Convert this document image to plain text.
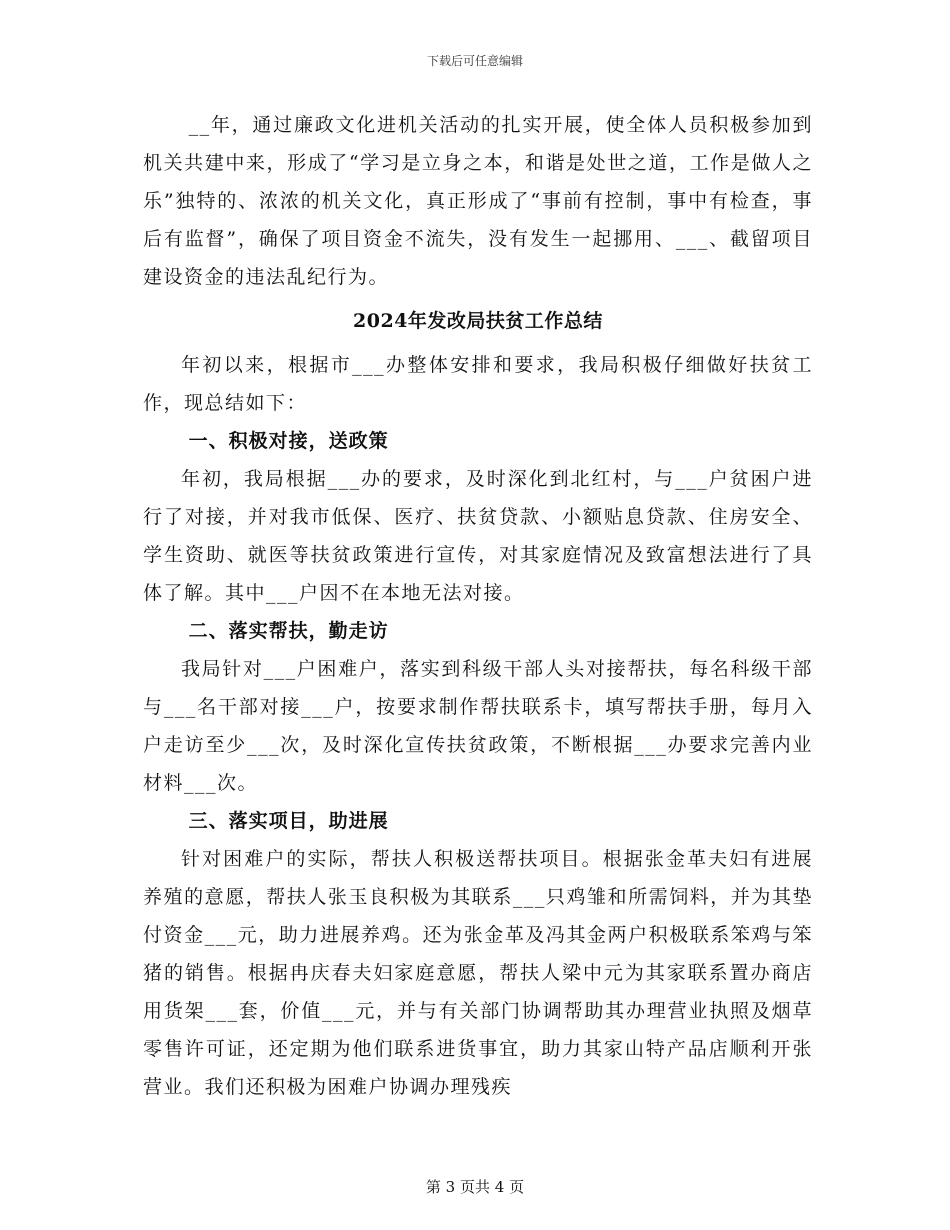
下载后可任意编辑

__年，通过廉政文化进机关活动的扎实开展，使全体人员积极参加到机关共建中来，形成了“学习是立身之本，和谐是处世之道，工作是做人之乐”独特的、浓浓的机关文化，真正形成了“事前有控制，事中有检查，事后有监督”，确保了项目资金不流失，没有发生一起挪用、___、截留项目建设资金的违法乱纪行为。

2024年发改局扶贫工作总结

年初以来，根据市___办整体安排和要求，我局积极仔细做好扶贫工作，现总结如下：

一、积极对接，送政策

年初，我局根据___办的要求，及时深化到北红村，与___户贫困户进行了对接，并对我市低保、医疗、扶贫贷款、小额贴息贷款、住房安全、学生资助、就医等扶贫政策进行宣传，对其家庭情况及致富想法进行了具体了解。其中___户因不在本地无法对接。

二、落实帮扶，勤走访

我局针对___户困难户，落实到科级干部人头对接帮扶，每名科级干部与___名干部对接___户，按要求制作帮扶联系卡，填写帮扶手册，每月入户走访至少___次，及时深化宣传扶贫政策，不断根据___办要求完善内业材料___次。

三、落实项目，助进展

针对困难户的实际，帮扶人积极送帮扶项目。根据张金革夫妇有进展养殖的意愿，帮扶人张玉良积极为其联系___只鸡雏和所需饲料，并为其垫付资金___元，助力进展养鸡。还为张金革及冯其金两户积极联系笨鸡与笨猪的销售。根据冉庆春夫妇家庭意愿，帮扶人梁中元为其家联系置办商店用货架___套，价值___元，并与有关部门协调帮助其办理营业执照及烟草零售许可证，还定期为他们联系进货事宜，助力其家山特产品店顺利开张营业。我们还积极为困难户协调办理残疾

第 3 页共 4 页
